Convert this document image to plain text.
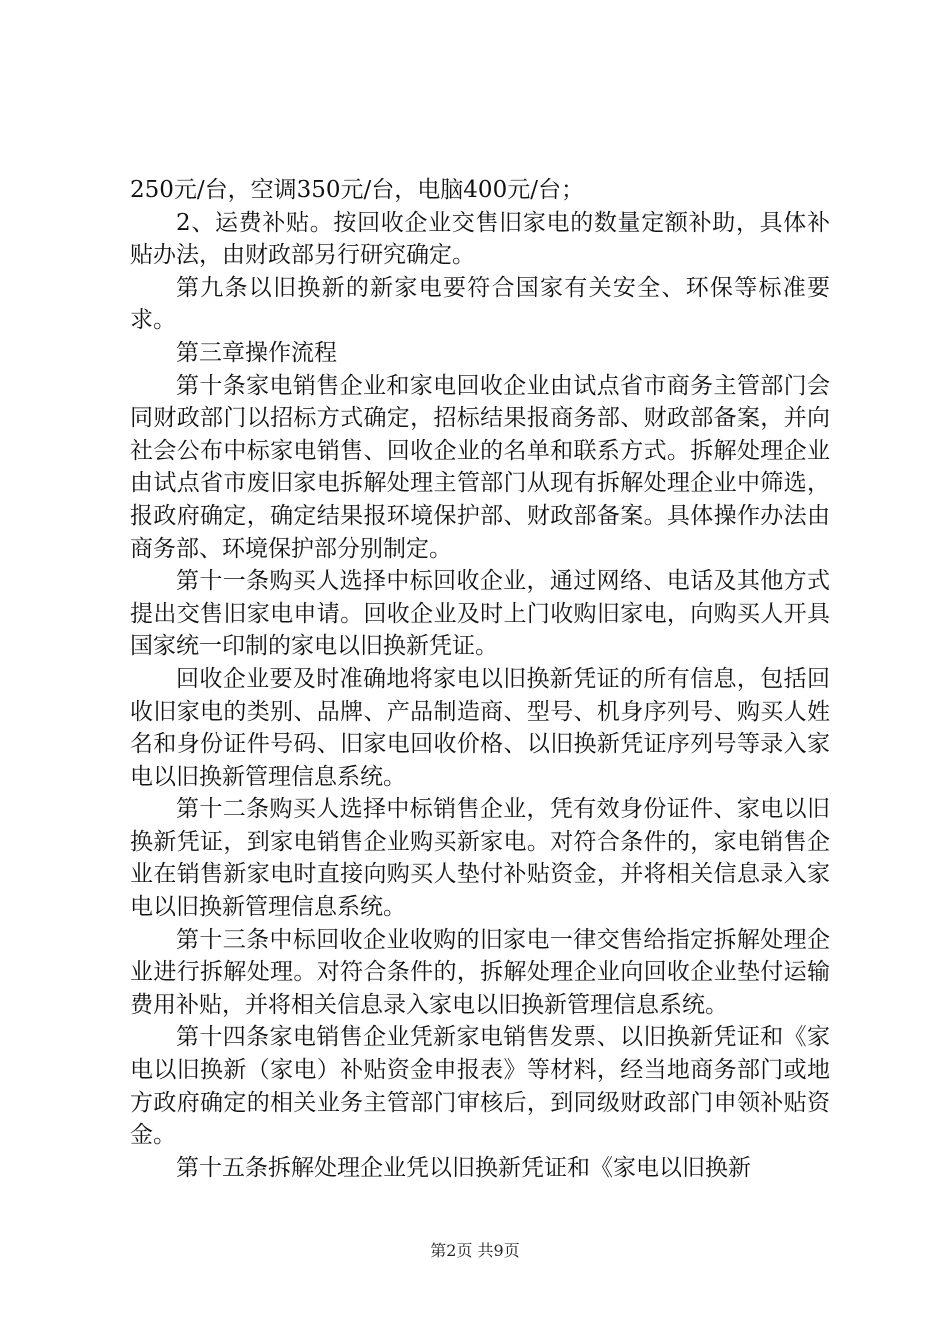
250元/台，空调350元/台，电脑400元/台；

2、运费补贴。按回收企业交售旧家电的数量定额补助，具体补贴办法，由财政部另行研究确定。

第九条以旧换新的新家电要符合国家有关安全、环保等标准要求。

第三章操作流程

第十条家电销售企业和家电回收企业由试点省市商务主管部门会同财政部门以招标方式确定，招标结果报商务部、财政部备案，并向社会公布中标家电销售、回收企业的名单和联系方式。拆解处理企业由试点省市废旧家电拆解处理主管部门从现有拆解处理企业中筛选，报政府确定，确定结果报环境保护部、财政部备案。具体操作办法由商务部、环境保护部分别制定。

第十一条购买人选择中标回收企业，通过网络、电话及其他方式提出交售旧家电申请。回收企业及时上门收购旧家电，向购买人开具国家统一印制的家电以旧换新凭证。

回收企业要及时准确地将家电以旧换新凭证的所有信息，包括回收旧家电的类别、品牌、产品制造商、型号、机身序列号、购买人姓名和身份证件号码、旧家电回收价格、以旧换新凭证序列号等录入家电以旧换新管理信息系统。

第十二条购买人选择中标销售企业，凭有效身份证件、家电以旧换新凭证，到家电销售企业购买新家电。对符合条件的，家电销售企业在销售新家电时直接向购买人垫付补贴资金，并将相关信息录入家电以旧换新管理信息系统。

第十三条中标回收企业收购的旧家电一律交售给指定拆解处理企业进行拆解处理。对符合条件的，拆解处理企业向回收企业垫付运输费用补贴，并将相关信息录入家电以旧换新管理信息系统。

第十四条家电销售企业凭新家电销售发票、以旧换新凭证和《家电以旧换新（家电）补贴资金申报表》等材料，经当地商务部门或地方政府确定的相关业务主管部门审核后，到同级财政部门申领补贴资金。

第十五条拆解处理企业凭以旧换新凭证和《家电以旧换新

第2页 共9页
